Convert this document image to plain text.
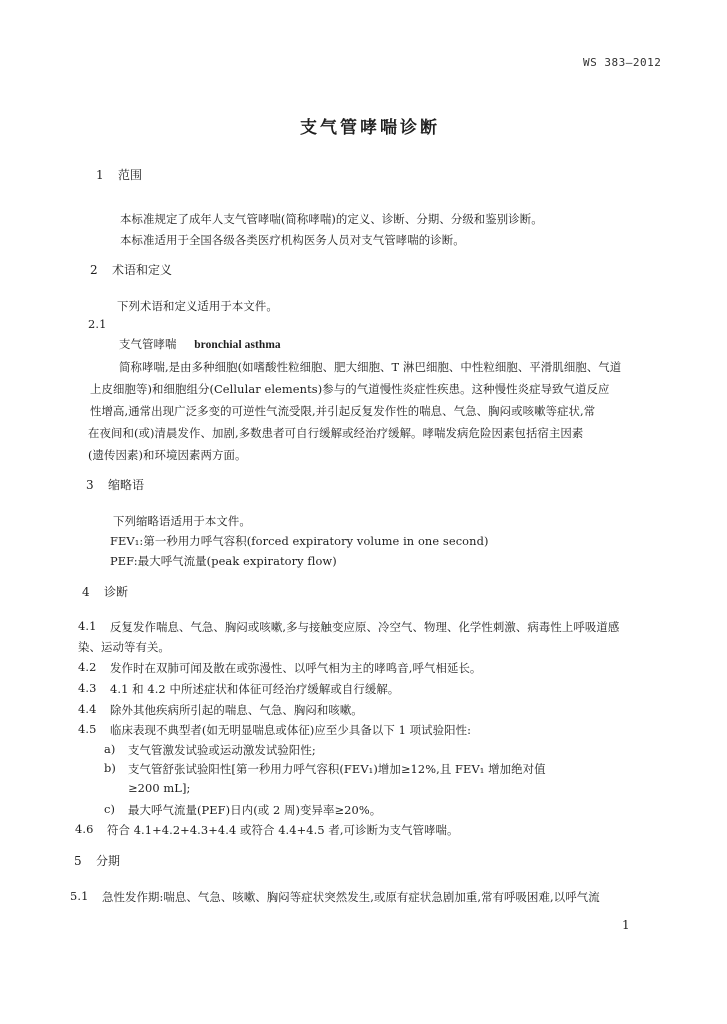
WS 383—2012
支气管哮喘诊断
1 范围
本标准规定了成年人支气管哮喘(简称哮喘)的定义、诊断、分期、分级和鉴别诊断。
本标准适用于全国各级各类医疗机构医务人员对支气管哮喘的诊断。
2 术语和定义
下列术语和定义适用于本文件。
2.1
支气管哮喘 bronchial asthma
简称哮喘,是由多种细胞(如嗜酸性粒细胞、肥大细胞、T 淋巴细胞、中性粒细胞、平滑肌细胞、气道
上皮细胞等)和细胞组分(Cellular elements)参与的气道慢性炎症性疾患。这种慢性炎症导致气道反应
性增高,通常出现广泛多变的可逆性气流受限,并引起反复发作性的喘息、气急、胸闷或咳嗽等症状,常
在夜间和(或)清晨发作、加剧,多数患者可自行缓解或经治疗缓解。哮喘发病危险因素包括宿主因素
(遗传因素)和环境因素两方面。
3 缩略语
下列缩略语适用于本文件。
FEV₁:第一秒用力呼气容积(forced expiratory volume in one second)
PEF:最大呼气流量(peak expiratory flow)
4 诊断
4.1 反复发作喘息、气急、胸闷或咳嗽,多与接触变应原、冷空气、物理、化学性刺激、病毒性上呼吸道感
染、运动等有关。
4.2 发作时在双肺可闻及散在或弥漫性、以呼气相为主的哮鸣音,呼气相延长。
4.3 4.1 和 4.2 中所述症状和体征可经治疗缓解或自行缓解。
4.4 除外其他疾病所引起的喘息、气急、胸闷和咳嗽。
4.5 临床表现不典型者(如无明显喘息或体征)应至少具备以下 1 项试验阳性:
a) 支气管激发试验或运动激发试验阳性;
b) 支气管舒张试验阳性[第一秒用力呼气容积(FEV₁)增加≥12%,且 FEV₁ 增加绝对值
≥200 mL];
c) 最大呼气流量(PEF)日内(或 2 周)变异率≥20%。
4.6 符合 4.1+4.2+4.3+4.4 或符合 4.4+4.5 者,可诊断为支气管哮喘。
5 分期
5.1 急性发作期:喘息、气急、咳嗽、胸闷等症状突然发生,或原有症状急剧加重,常有呼吸困难,以呼气流
1
